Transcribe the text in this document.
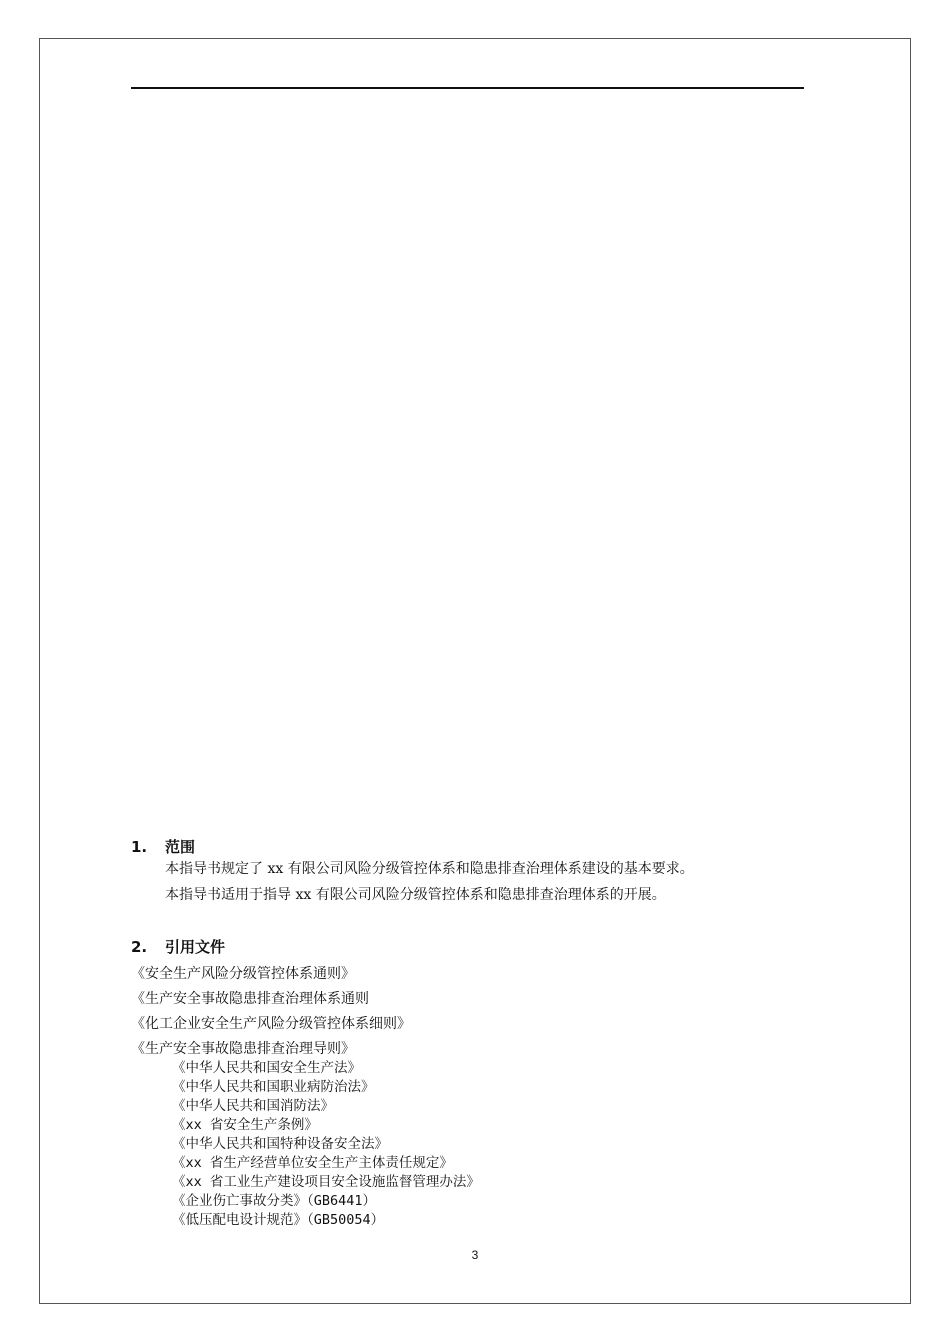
1. 范围
本指导书规定了 xx 有限公司风险分级管控体系和隐患排查治理体系建设的基本要求。
本指导书适用于指导 xx 有限公司风险分级管控体系和隐患排查治理体系的开展。
2. 引用文件
《安全生产风险分级管控体系通则》
《生产安全事故隐患排查治理体系通则
《化工企业安全生产风险分级管控体系细则》
《生产安全事故隐患排查治理导则》
《中华人民共和国安全生产法》
《中华人民共和国职业病防治法》
《中华人民共和国消防法》
《xx 省安全生产条例》
《中华人民共和国特种设备安全法》
《xx 省生产经营单位安全生产主体责任规定》
《xx 省工业生产建设项目安全设施监督管理办法》
《企业伤亡事故分类》（GB6441）
《低压配电设计规范》（GB50054）
3
